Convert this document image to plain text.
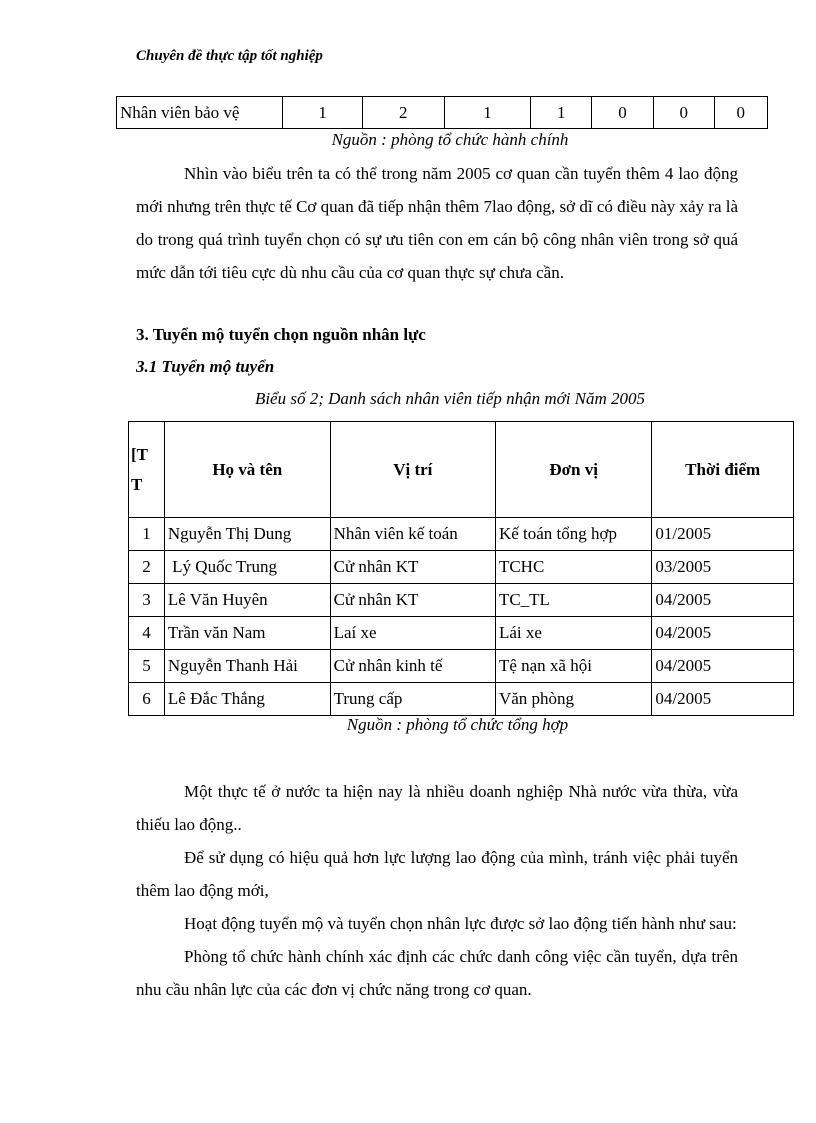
Chuyên đề thực tập tốt nghiệp
Nhân viên bảo vệ	1	2	1	1	0	0	0
Nguồn : phòng tổ chức hành chính

Nhìn vào biểu trên ta có thể trong năm 2005 cơ quan cần tuyển thêm 4 lao động mới nhưng trên thực tế Cơ quan đã tiếp nhận thêm 7lao động, sở dĩ có điều này xảy ra là do trong quá trình tuyển chọn có sự ưu tiên con em cán bộ công nhân viên trong sở quá mức dẫn tới tiêu cực dù nhu cầu của cơ quan thực sự chưa cần.

3. Tuyển mộ tuyển chọn nguồn nhân lực
3.1 Tuyển mộ tuyển
Biểu số 2; Danh sách nhân viên tiếp nhận mới Năm 2005
[T
T	Họ và tên	Vị trí	Đơn vị	Thời điểm
1	Nguyễn Thị Dung	Nhân viên kế toán	Kế toán tổng hợp	01/2005
2	Lý Quốc Trung	Cử nhân KT	TCHC	03/2005
3	Lê Văn Huyên	Cử nhân KT	TC_TL	04/2005
4	Trần văn Nam	Laí xe	Lái xe	04/2005
5	Nguyễn Thanh Hải	Cử nhân kinh tế	Tệ nạn xã hội	04/2005
6	Lê Đắc Thắng	Trung cấp	Văn phòng	04/2005
Nguồn : phòng tổ chức tổng hợp

Một thực tế ở nước ta hiện nay là nhiều doanh nghiệp Nhà nước vừa thừa, vừa thiếu lao động..

Để sử dụng có hiệu quả hơn lực lượng lao động của mình, tránh việc phải tuyển thêm lao động mới,

Hoạt động tuyển mộ và tuyển chọn nhân lực được sở lao động tiến hành như sau:

Phòng tổ chức hành chính xác định các chức danh công việc cần tuyển, dựa trên nhu cầu nhân lực của các đơn vị chức năng trong cơ quan.
